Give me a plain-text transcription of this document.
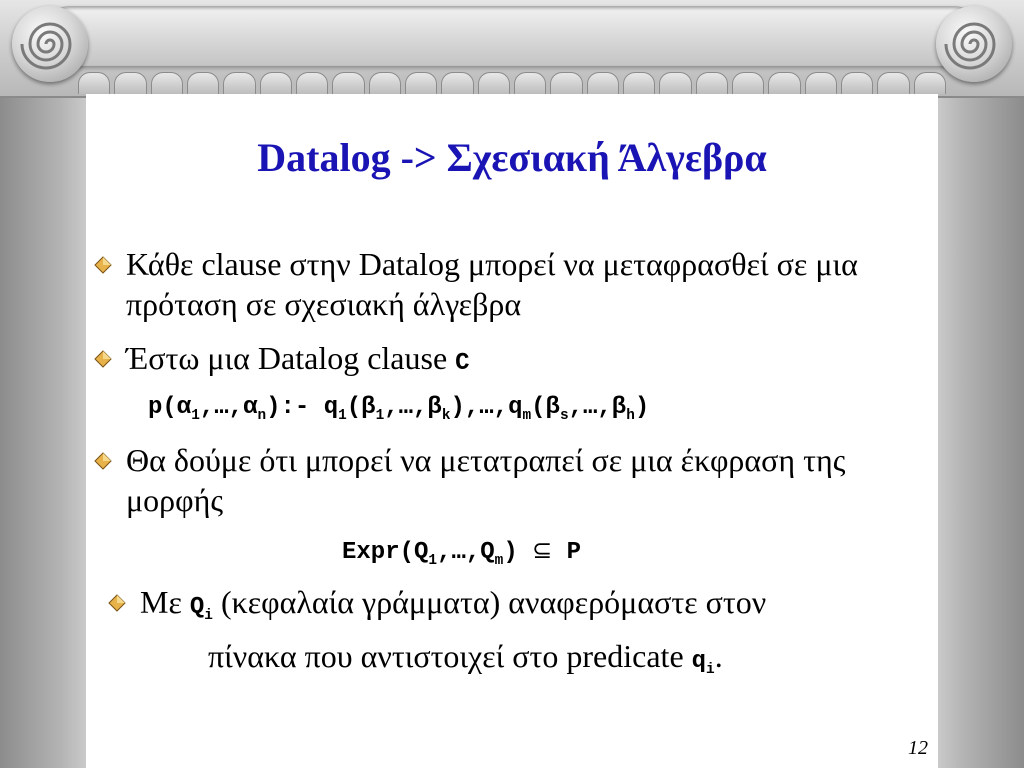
Datalog -> Σχεσιακή Άλγεβρα
Κάθε clause στην Datalog μπορεί να μεταφρασθεί σε μια πρόταση σε σχεσιακή άλγεβρα
Έστω μια Datalog clause C
$p(\alpha_1,\dots,\alpha_n):-$ $q_1(\beta_1,\dots,\beta_k),\dots,q_m(\beta_s,\dots,\beta_h)$
Θα δούμε ότι μπορεί να μετατραπεί σε μια έκφραση της μορφής
$Expr(Q_1,\dots,Q_m)$ ⊆ P
Με $Q_i$ (κεφαλαία γράμματα) αναφερόμαστε στον
πίνακα που αντιστοιχεί στο predicate $q_i$.
12
